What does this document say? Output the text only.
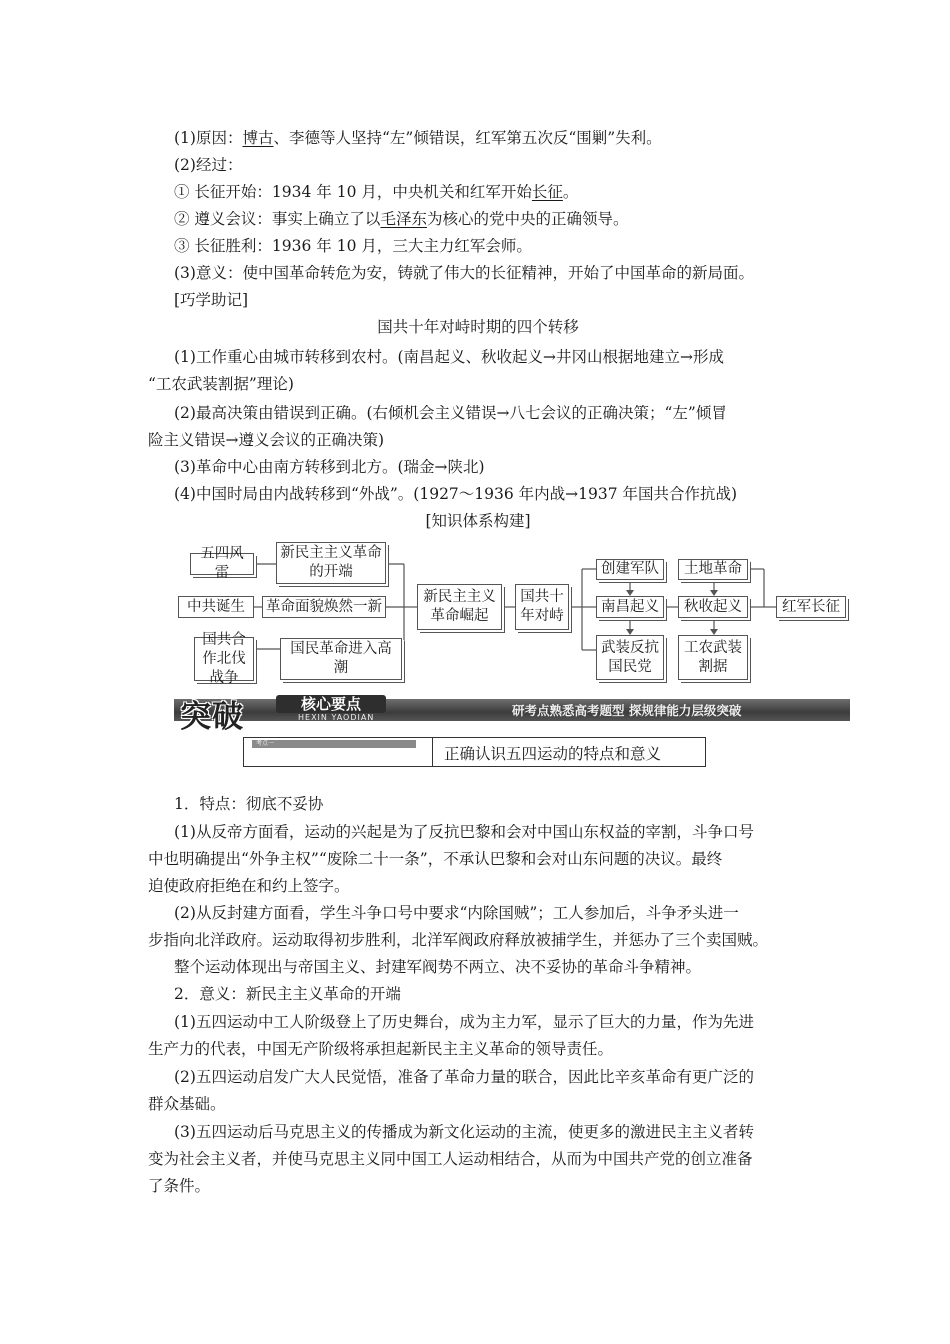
(1)原因：博古、李德等人坚持“左”倾错误，红军第五次反“围剿”失利。
(2)经过：
① 长征开始：1934 年 10 月，中央机关和红军开始长征。
② 遵义会议：事实上确立了以毛泽东为核心的党中央的正确领导。
③ 长征胜利：1936 年 10 月，三大主力红军会师。
(3)意义：使中国革命转危为安，铸就了伟大的长征精神，开始了中国革命的新局面。
[巧学助记]
国共十年对峙时期的四个转移
(1)工作重心由城市转移到农村。(南昌起义、秋收起义→井冈山根据地建立→形成
“工农武装割据”理论)
(2)最高决策由错误到正确。(右倾机会主义错误→八七会议的正确决策；“左”倾冒
险主义错误→遵义会议的正确决策)
(3)革命中心由南方转移到北方。(瑞金→陕北)
(4)中国时局由内战转移到“外战”。(1927～1936 年内战→1937 年国共合作抗战)
[知识体系构建]
五四风雷
中共诞生
国共合作北伐战争
新民主主义革命的开端
革命面貌焕然一新
国民革命进入高潮
新民主主义革命崛起
国共十年对峙
创建军队
南昌起义
武装反抗国民党
土地革命
秋收起义
工农武装割据
红军长征
突破	核心要点
HEXIN YAODIAN	研考点熟悉高考题型 探规律能力层级突破
考点一
正确认识五四运动的特点和意义
1．特点：彻底不妥协
(1)从反帝方面看，运动的兴起是为了反抗巴黎和会对中国山东权益的宰割，斗争口号
中也明确提出“外争主权”“废除二十一条”，不承认巴黎和会对山东问题的决议。最终
迫使政府拒绝在和约上签字。
(2)从反封建方面看，学生斗争口号中要求“内除国贼”；工人参加后，斗争矛头进一
步指向北洋政府。运动取得初步胜利，北洋军阀政府释放被捕学生，并惩办了三个卖国贼。
整个运动体现出与帝国主义、封建军阀势不两立、决不妥协的革命斗争精神。
2．意义：新民主主义革命的开端
(1)五四运动中工人阶级登上了历史舞台，成为主力军，显示了巨大的力量，作为先进
生产力的代表，中国无产阶级将承担起新民主主义革命的领导责任。
(2)五四运动启发广大人民觉悟，准备了革命力量的联合，因此比辛亥革命有更广泛的
群众基础。
(3)五四运动后马克思主义的传播成为新文化运动的主流，使更多的激进民主主义者转
变为社会主义者，并使马克思主义同中国工人运动相结合，从而为中国共产党的创立准备
了条件。
